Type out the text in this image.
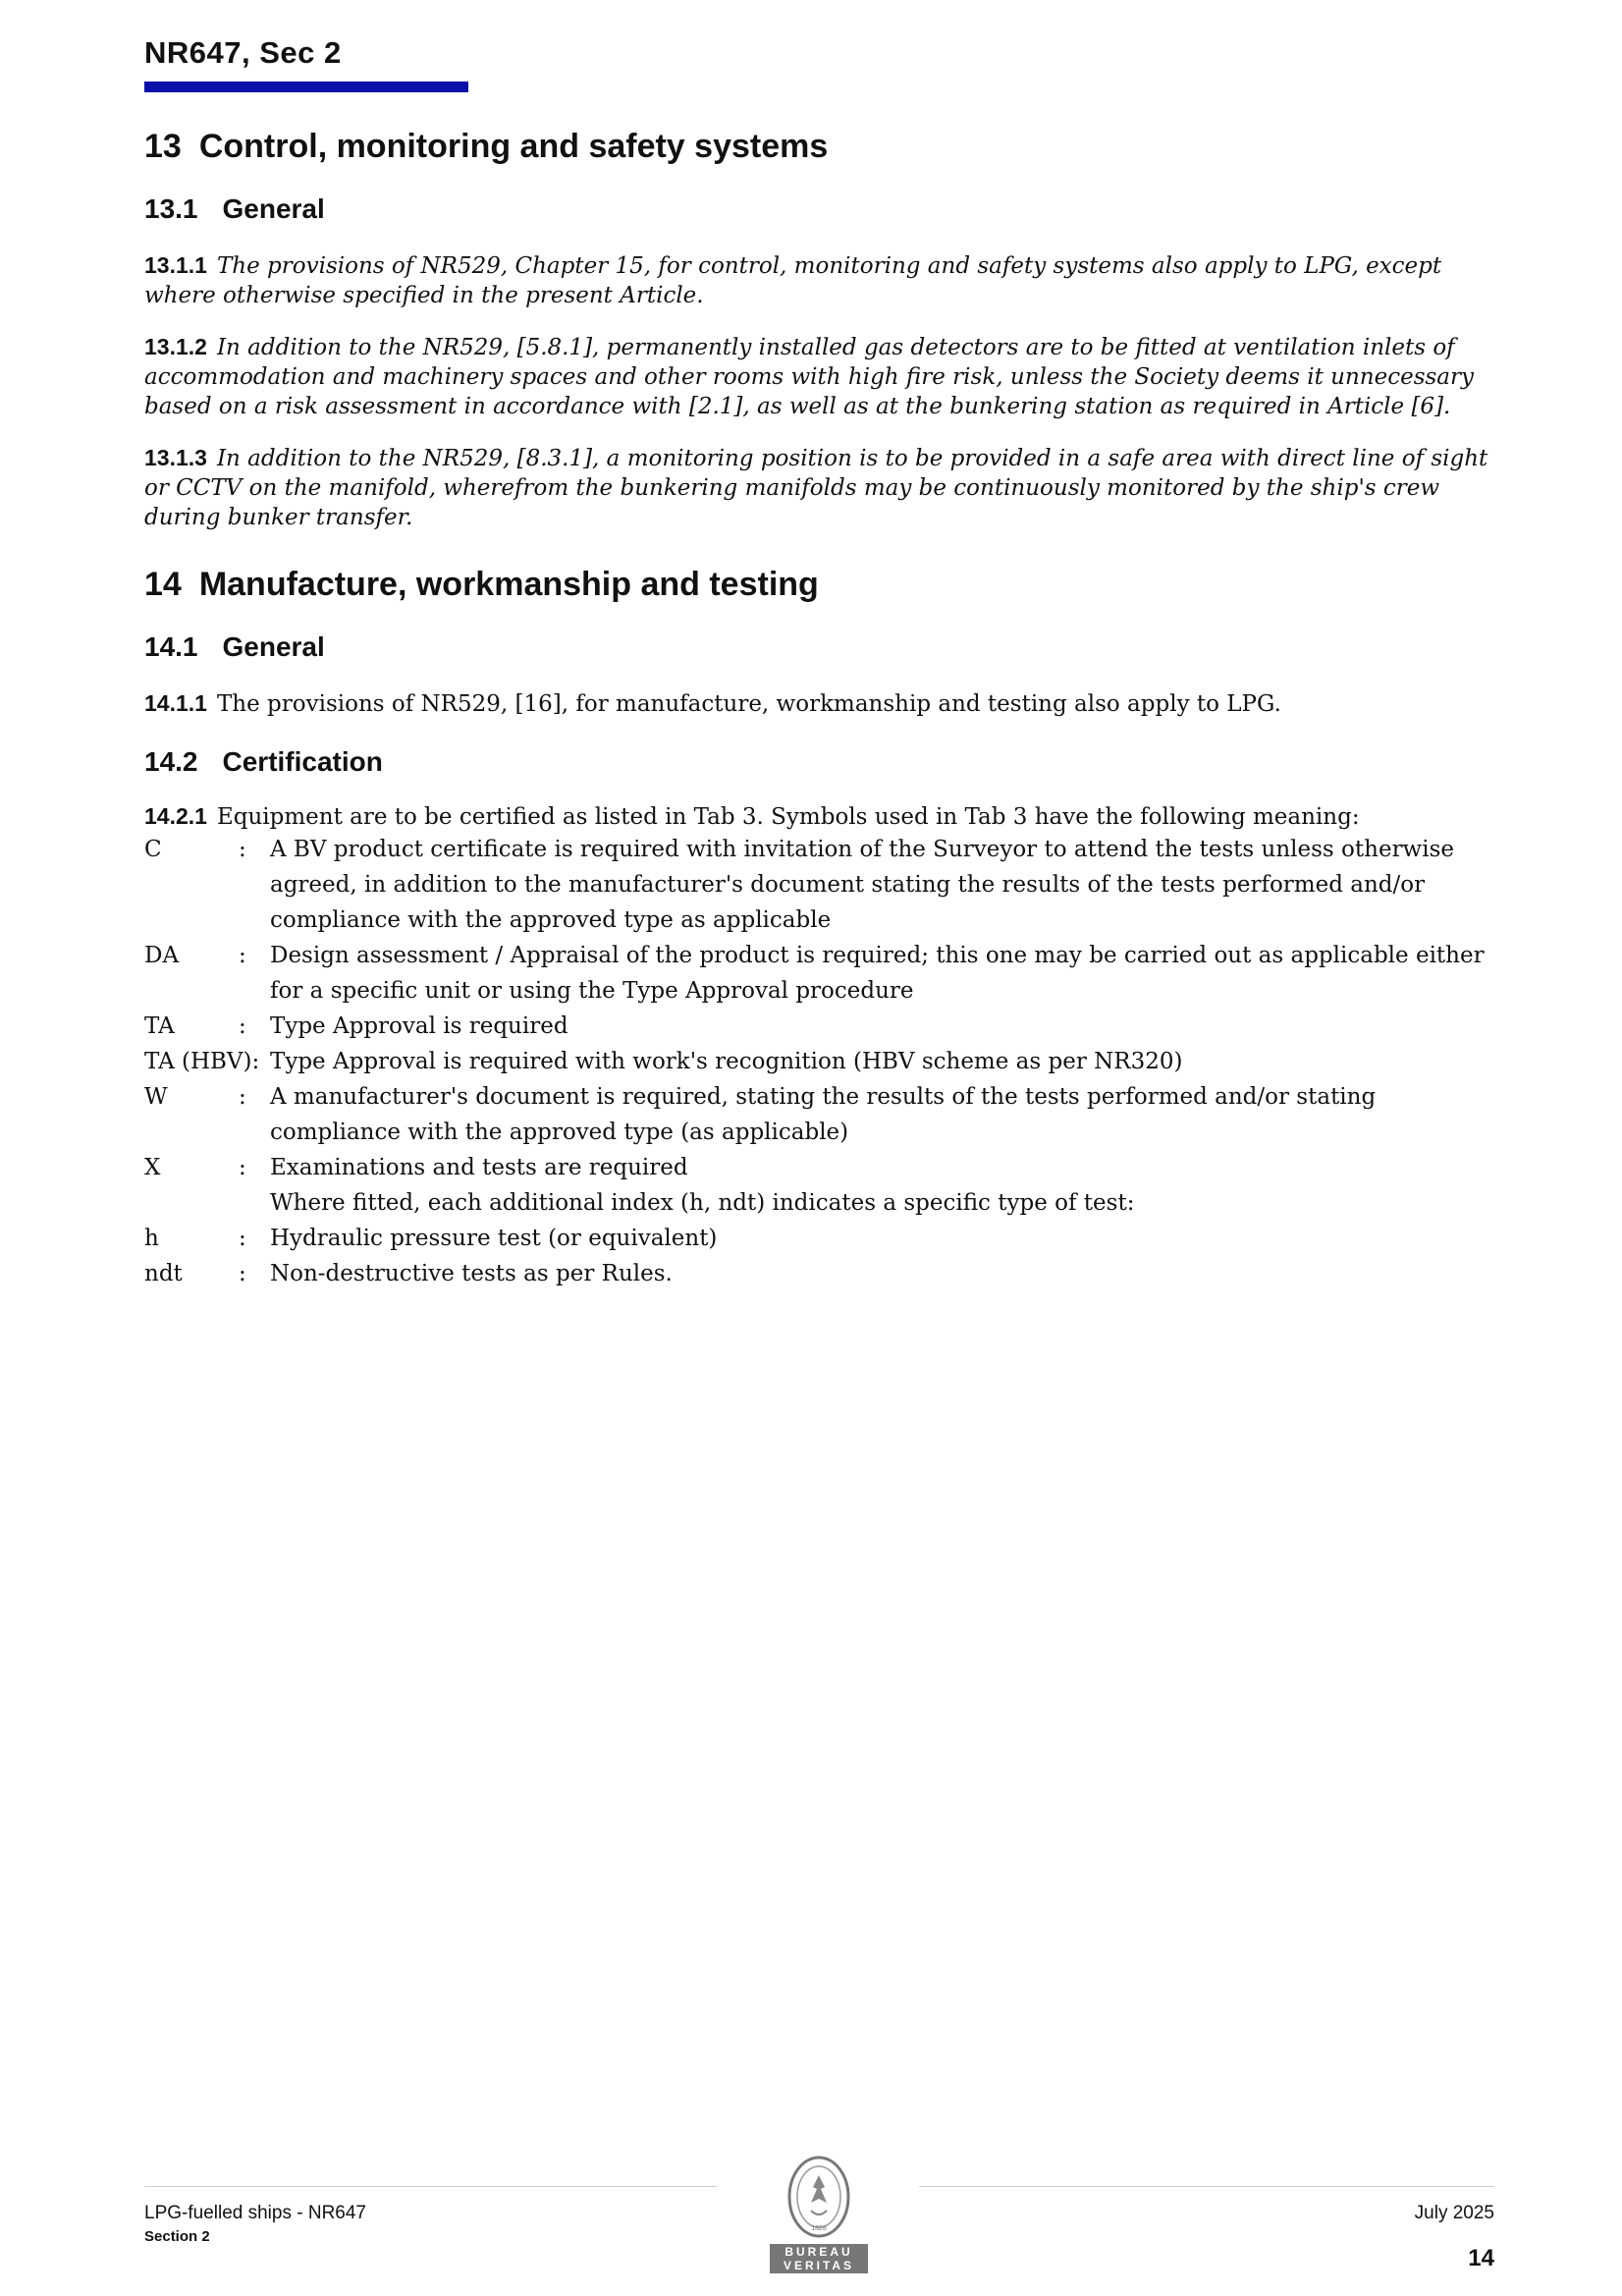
NR647, Sec 2
13 Control, monitoring and safety systems
13.1 General

13.1.1 The provisions of NR529, Chapter 15, for control, monitoring and safety systems also apply to LPG, except where otherwise specified in the present Article.

13.1.2 In addition to the NR529, [5.8.1], permanently installed gas detectors are to be fitted at ventilation inlets of accommodation and machinery spaces and other rooms with high fire risk, unless the Society deems it unnecessary based on a risk assessment in accordance with [2.1], as well as at the bunkering station as required in Article [6].

13.1.3 In addition to the NR529, [8.3.1], a monitoring position is to be provided in a safe area with direct line of sight or CCTV on the manifold, wherefrom the bunkering manifolds may be continuously monitored by the ship's crew during bunker transfer.

14 Manufacture, workmanship and testing
14.1 General

14.1.1 The provisions of NR529, [16], for manufacture, workmanship and testing also apply to LPG.

14.2 Certification

14.2.1 Equipment are to be certified as listed in Tab 3. Symbols used in Tab 3 have the following meaning:

C	:	A BV product certificate is required with invitation of the Surveyor to attend the tests unless otherwise agreed, in addition to the manufacturer's document stating the results of the tests performed and/or compliance with the approved type as applicable
DA	:	Design assessment / Appraisal of the product is required; this one may be carried out as applicable either for a specific unit or using the Type Approval procedure
TA	:	Type Approval is required
TA (HBV): Type Approval is required with work's recognition (HBV scheme as per NR320)
W	:	A manufacturer's document is required, stating the results of the tests performed and/or stating compliance with the approved type (as applicable)
X	:	Examinations and tests are required
Where fitted, each additional index (h, ndt) indicates a specific type of test:
h	:	Hydraulic pressure test (or equivalent)
ndt	:	Non-destructive tests as per Rules.
LPG-fuelled ships - NR647
Section 2	1828
BUREAU VERITAS
July 2025
14
